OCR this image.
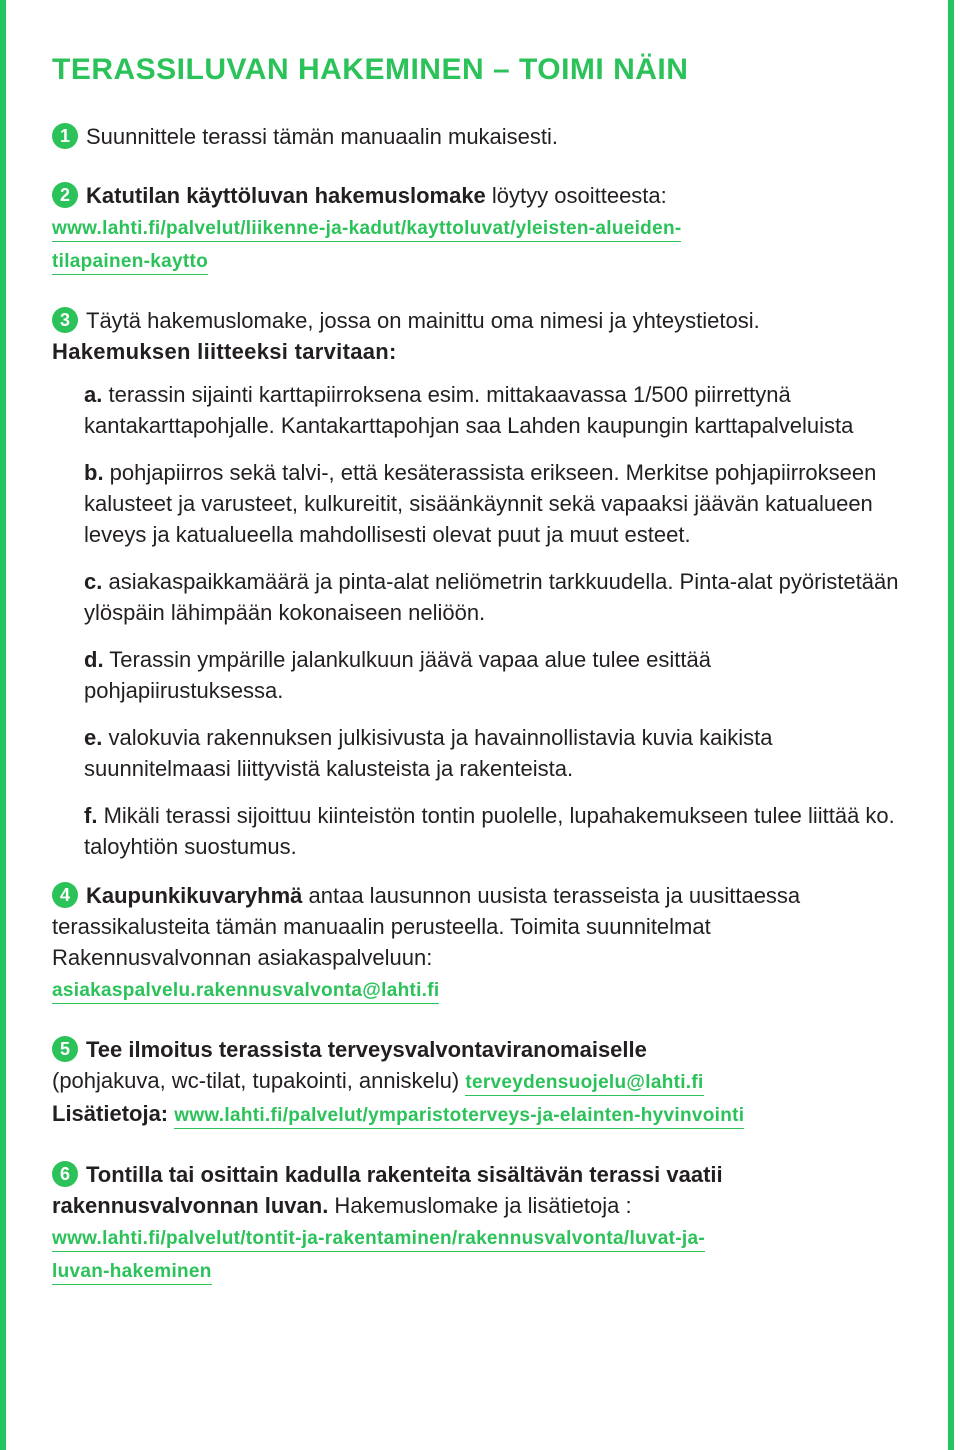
TERASSILUVAN HAKEMINEN – TOIMI NÄIN
1 Suunnittele terassi tämän manuaalin mukaisesti.
2 Katutilan käyttöluvan hakemuslomake löytyy osoitteesta:
www.lahti.fi/palvelut/liikenne-ja-kadut/kayttoluvat/yleisten-alueiden-
tilapainen-kaytto
3 Täytä hakemuslomake, jossa on mainittu oma nimesi ja yhteystietosi.
Hakemuksen liitteeksi tarvitaan:
a. terassin sijainti karttapiirroksena esim. mittakaavassa 1/500 piirrettynä kantakarttapohjalle. Kantakarttapohjan saa Lahden kaupungin karttapalveluista
b. pohjapiirros sekä talvi-, että kesäterassista erikseen. Merkitse pohjapiirrokseen kalusteet ja varusteet, kulkureitit, sisäänkäynnit sekä vapaaksi jäävän katualueen leveys ja katualueella mahdollisesti olevat puut ja muut esteet.
c. asiakaspaikkamäärä ja pinta-alat neliömetrin tarkkuudella. Pinta-alat pyöristetään ylöspäin lähimpään kokonaiseen neliöön.
d. Terassin ympärille jalankulkuun jäävä vapaa alue tulee esittää pohjapiirustuksessa.
e. valokuvia rakennuksen julkisivusta ja havainnollistavia kuvia kaikista suunnitelmaasi liittyvistä kalusteista ja rakenteista.
f. Mikäli terassi sijoittuu kiinteistön tontin puolelle, lupahakemukseen tulee liittää ko. taloyhtiön suostumus.
4 Kaupunkikuvaryhmä antaa lausunnon uusista terasseista ja uusittaessa terassikalusteita tämän manuaalin perusteella. Toimita suunnitelmat Rakennusvalvonnan asiakaspalveluun:
asiakaspalvelu.rakennusvalvonta@lahti.fi
5 Tee ilmoitus terassista terveysvalvontaviranomaiselle
(pohjakuva, wc-tilat, tupakointi, anniskelu) terveydensuojelu@lahti.fi
Lisätietoja: www.lahti.fi/palvelut/ymparistoterveys-ja-elainten-hyvinvointi
6 Tontilla tai osittain kadulla rakenteita sisältävän terassi vaatii rakennusvalvonnan luvan. Hakemuslomake ja lisätietoja :
www.lahti.fi/palvelut/tontit-ja-rakentaminen/rakennusvalvonta/luvat-ja-
luvan-hakeminen
